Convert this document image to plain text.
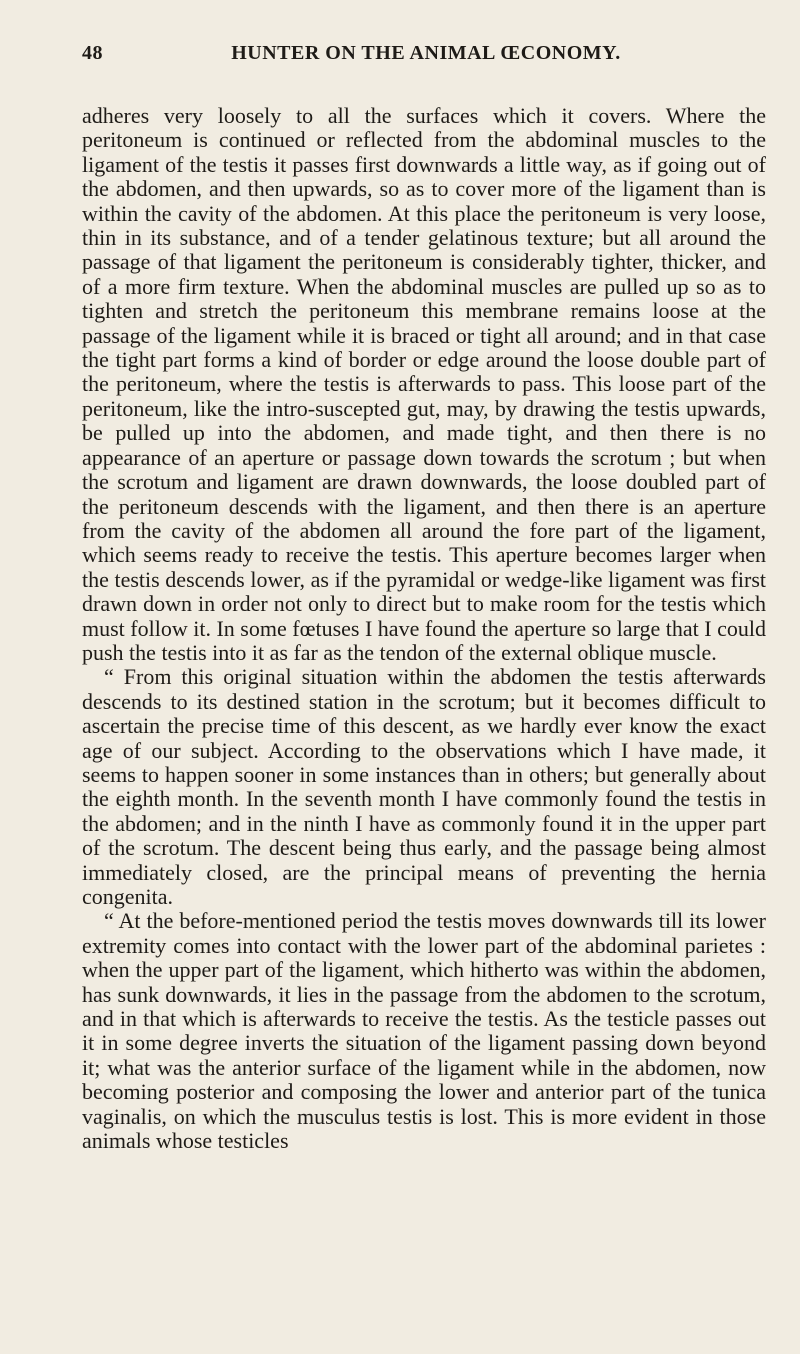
48	HUNTER ON THE ANIMAL ŒCONOMY.

adheres very loosely to all the surfaces which it covers. Where the peritoneum is continued or reflected from the abdominal muscles to the ligament of the testis it passes first downwards a little way, as if going out of the abdomen, and then upwards, so as to cover more of the ligament than is within the cavity of the abdomen. At this place the peritoneum is very loose, thin in its substance, and of a tender gelatinous texture; but all around the passage of that ligament the peritoneum is considerably tighter, thicker, and of a more firm texture. When the abdominal muscles are pulled up so as to tighten and stretch the peritoneum this membrane remains loose at the passage of the ligament while it is braced or tight all around; and in that case the tight part forms a kind of border or edge around the loose double part of the peritoneum, where the testis is afterwards to pass. This loose part of the peritoneum, like the intro-suscepted gut, may, by drawing the testis upwards, be pulled up into the abdomen, and made tight, and then there is no appearance of an aperture or passage down towards the scrotum ; but when the scrotum and ligament are drawn downwards, the loose doubled part of the peritoneum descends with the ligament, and then there is an aperture from the cavity of the abdomen all around the fore part of the ligament, which seems ready to receive the testis. This aperture becomes larger when the testis descends lower, as if the pyramidal or wedge-like ligament was first drawn down in order not only to direct but to make room for the testis which must follow it. In some fœtuses I have found the aperture so large that I could push the testis into it as far as the tendon of the external oblique muscle.

“ From this original situation within the abdomen the testis afterwards descends to its destined station in the scrotum; but it becomes difficult to ascertain the precise time of this descent, as we hardly ever know the exact age of our subject. According to the observations which I have made, it seems to happen sooner in some instances than in others; but generally about the eighth month. In the seventh month I have commonly found the testis in the abdomen; and in the ninth I have as commonly found it in the upper part of the scrotum. The descent being thus early, and the passage being almost immediately closed, are the principal means of preventing the hernia congenita.

“ At the before-mentioned period the testis moves downwards till its lower extremity comes into contact with the lower part of the abdominal parietes : when the upper part of the ligament, which hitherto was within the abdomen, has sunk downwards, it lies in the passage from the abdomen to the scrotum, and in that which is afterwards to receive the testis. As the testicle passes out it in some degree inverts the situation of the ligament passing down beyond it; what was the anterior surface of the ligament while in the abdomen, now becoming posterior and composing the lower and anterior part of the tunica vaginalis, on which the musculus testis is lost. This is more evident in those animals whose testicles
